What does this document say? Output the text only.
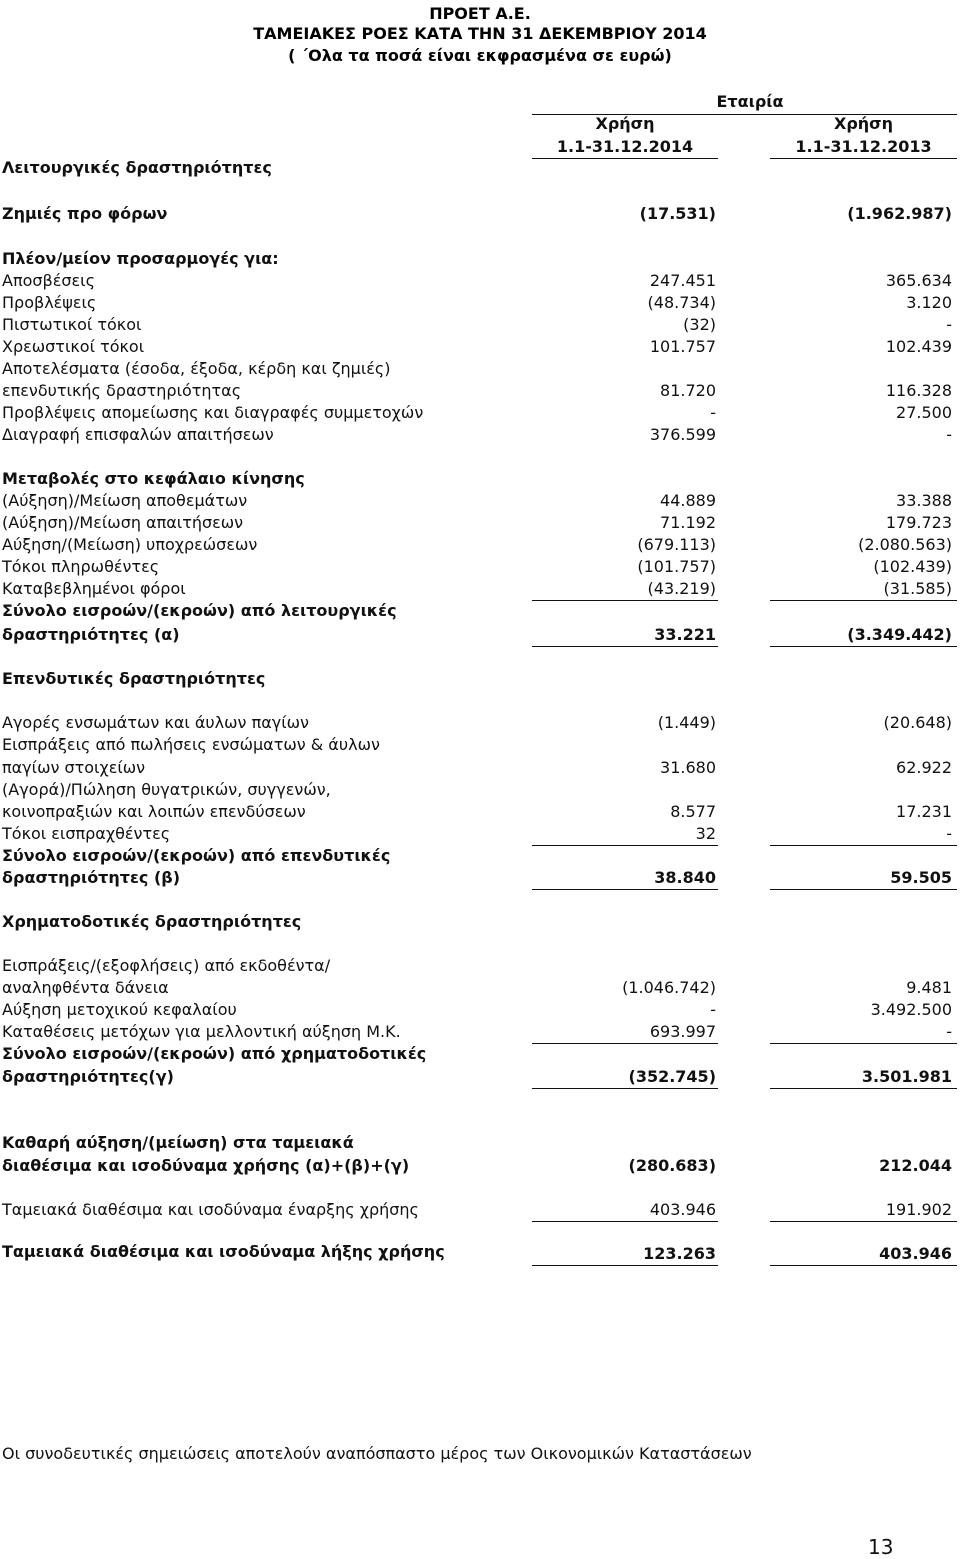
ΠΡΟΕΤ Α.Ε.
ΤΑΜΕΙΑΚΕΣ ΡΟΕΣ ΚΑΤΑ ΤΗΝ 31 ΔΕΚΕΜΒΡΙΟΥ 2014
( ΄Ολα τα ποσά είναι εκφρασμένα σε ευρώ)
Εταιρία
Χρήση
1.1-31.12.2014
Χρήση
1.1-31.12.2013
Λειτουργικές δραστηριότητες
Ζημιές προ φόρων	(17.531)	(1.962.987)
Πλέον/μείον προσαρμογές για:
Αποσβέσεις	247.451	365.634
Προβλέψεις	(48.734)	3.120
Πιστωτικοί τόκοι	(32)	-
Χρεωστικοί τόκοι	101.757	102.439
Αποτελέσματα (έσοδα, έξοδα, κέρδη και ζημιές)
επενδυτικής δραστηριότητας	81.720	116.328
Προβλέψεις απομείωσης και διαγραφές συμμετοχών	-	27.500
Διαγραφή επισφαλών απαιτήσεων	376.599	-
Μεταβολές στο κεφάλαιο κίνησης
(Αύξηση)/Μείωση αποθεμάτων	44.889	33.388
(Αύξηση)/Μείωση απαιτήσεων	71.192	179.723
Αύξηση/(Μείωση) υποχρεώσεων	(679.113)	(2.080.563)
Τόκοι πληρωθέντες	(101.757)	(102.439)
Καταβεβλημένοι φόροι	(43.219)	(31.585)
Σύνολο εισροών/(εκροών) από λειτουργικές
δραστηριότητες (α)	33.221	(3.349.442)
Επενδυτικές δραστηριότητες
Αγορές ενσωμάτων και άυλων παγίων	(1.449)	(20.648)
Εισπράξεις από πωλήσεις ενσώματων & άυλων
παγίων στοιχείων	31.680	62.922
(Αγορά)/Πώληση θυγατρικών, συγγενών,
κοινοπραξιών και λοιπών επενδύσεων	8.577	17.231
Τόκοι εισπραχθέντες	32	-
Σύνολο εισροών/(εκροών) από επενδυτικές
δραστηριότητες (β)	38.840	59.505
Χρηματοδοτικές δραστηριότητες
Εισπράξεις/(εξοφλήσεις) από εκδοθέντα/
αναληφθέντα δάνεια	(1.046.742)	9.481
Αύξηση μετοχικού κεφαλαίου	-	3.492.500
Καταθέσεις μετόχων για μελλοντική αύξηση Μ.Κ.	693.997	-
Σύνολο εισροών/(εκροών) από χρηματοδοτικές
δραστηριότητες(γ)	(352.745)	3.501.981
Καθαρή αύξηση/(μείωση) στα ταμειακά
διαθέσιμα και ισοδύναμα χρήσης (α)+(β)+(γ)	(280.683)	212.044
Ταμειακά διαθέσιμα και ισοδύναμα έναρξης χρήσης	403.946	191.902
Ταμειακά διαθέσιμα και ισοδύναμα λήξης χρήσης	123.263	403.946
Οι συνοδευτικές σημειώσεις αποτελούν αναπόσπαστο μέρος των Οικονομικών Καταστάσεων
13
